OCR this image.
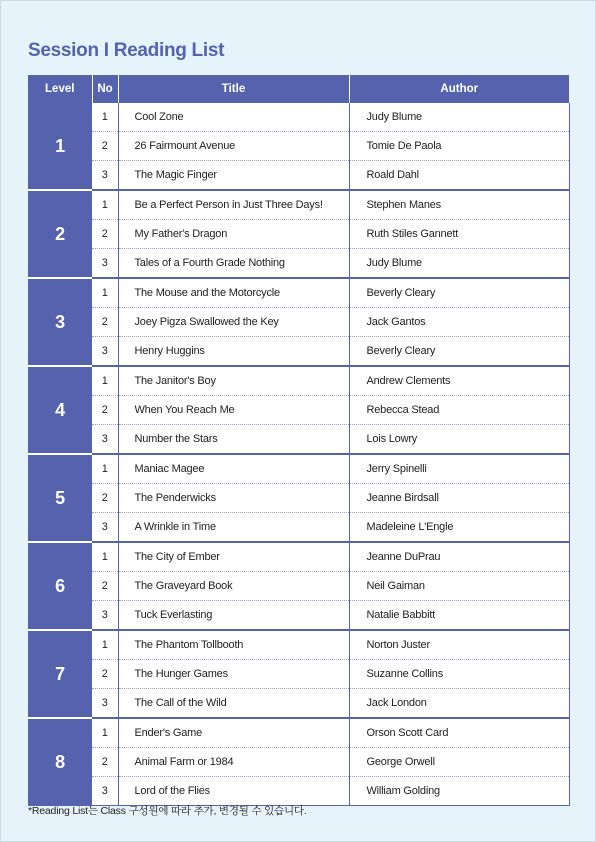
Session I Reading List
Level	No	Title	Author
1	1	Cool Zone	Judy Blume
	2	26 Fairmount Avenue	Tomie De Paola
	3	The Magic Finger	Roald Dahl
2	1	Be a Perfect Person in Just Three Days!	Stephen Manes
	2	My Father's Dragon	Ruth Stiles Gannett
	3	Tales of a Fourth Grade Nothing	Judy Blume
3	1	The Mouse and the Motorcycle	Beverly Cleary
	2	Joey Pigza Swallowed the Key	Jack Gantos
	3	Henry Huggins	Beverly Cleary
4	1	The Janitor's Boy	Andrew Clements
	2	When You Reach Me	Rebecca Stead
	3	Number the Stars	Lois Lowry
5	1	Maniac Magee	Jerry Spinelli
	2	The Penderwicks	Jeanne Birdsall
	3	A Wrinkle in Time	Madeleine L'Engle
6	1	The City of Ember	Jeanne DuPrau
	2	The Graveyard Book	Neil Gaiman
	3	Tuck Everlasting	Natalie Babbitt
7	1	The Phantom Tollbooth	Norton Juster
	2	The Hunger Games	Suzanne Collins
	3	The Call of the Wild	Jack London
8	1	Ender's Game	Orson Scott Card
	2	Animal Farm or 1984	George Orwell
	3	Lord of the Flies	William Golding
*Reading List는 Class 구성원에 따라 추가, 변경될 수 있습니다.
